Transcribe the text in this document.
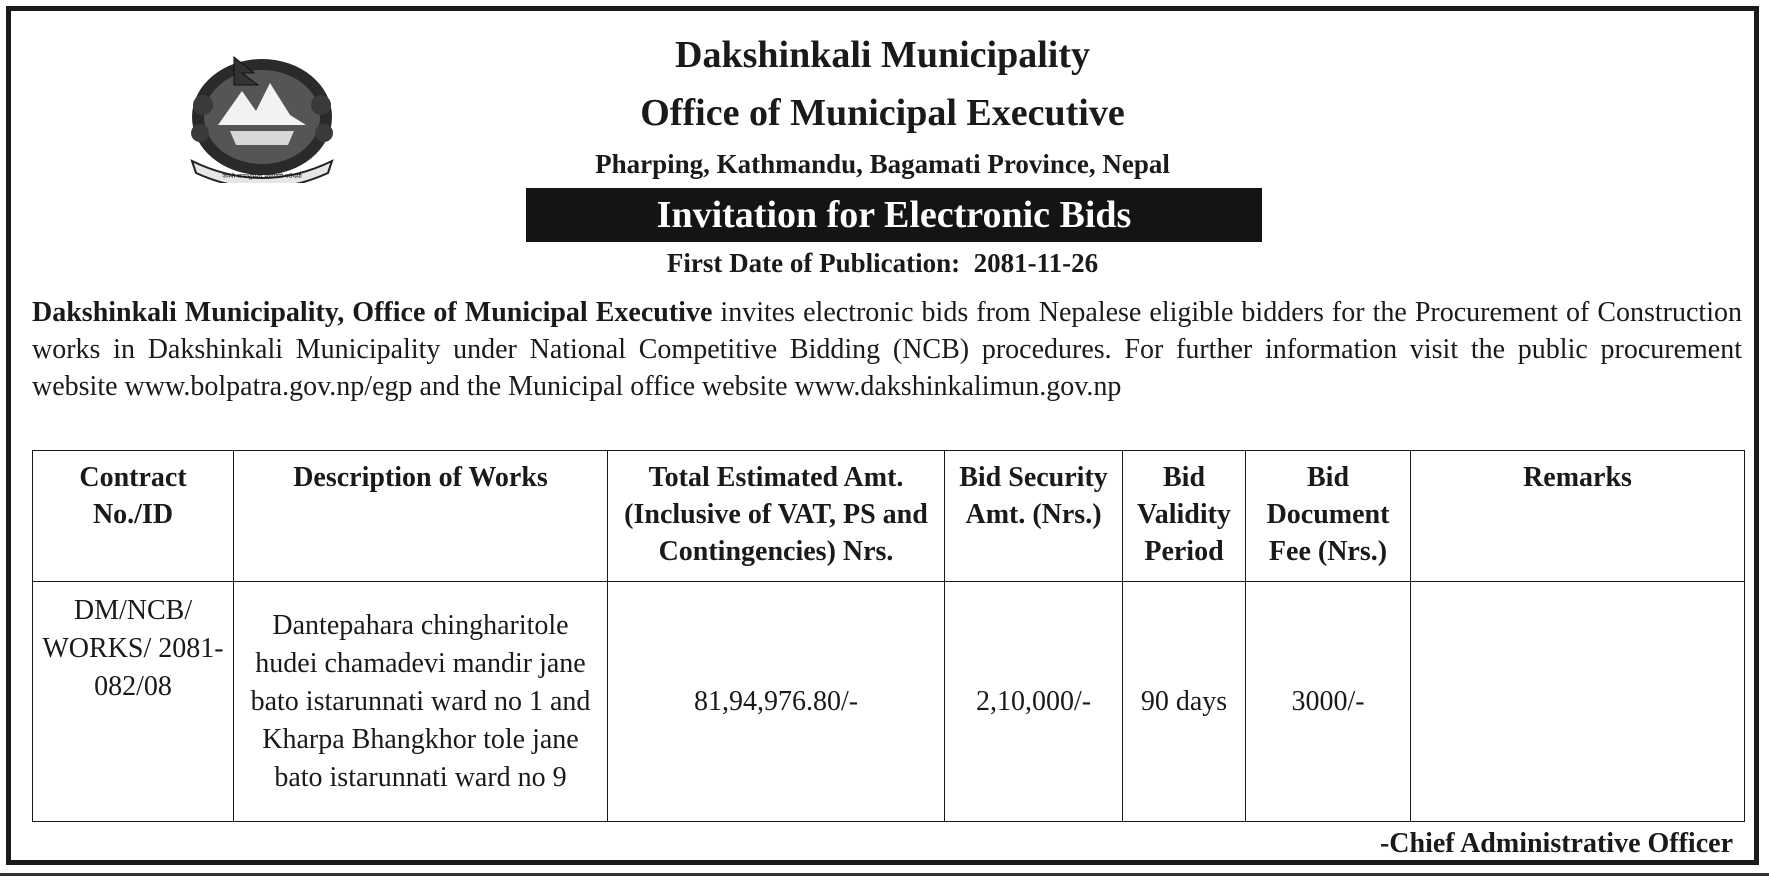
जननी जन्मभूमिश्च स्वर्गादपि गरीयसी
Dakshinkali Municipality
Office of Municipal Executive
Pharping, Kathmandu, Bagamati Province, Nepal
Invitation for Electronic Bids
First Date of Publication: 2081-11-26

Dakshinkali Municipality, Office of Municipal Executive invites electronic bids from Nepalese eligible bidders for the Procurement of Construction works in Dakshinkali Municipality under National Competitive Bidding (NCB) procedures. For further information visit the public procurement website www.bolpatra.gov.np/egp and the Municipal office website www.dakshinkalimun.gov.np

Contract No./ID	Description of Works	Total Estimated Amt. (Inclusive of VAT, PS and Contingencies) Nrs.	Bid Security Amt. (Nrs.)	Bid Validity Period	Bid Document Fee (Nrs.)	Remarks
DM/NCB/ WORKS/ 2081-082/08	Dantepahara chingharitole hudei chamadevi mandir jane bato istarunnati ward no 1 and Kharpa Bhangkhor tole jane bato istarunnati ward no 9	81,94,976.80/-	2,10,000/-	90 days	3000/-	
-Chief Administrative Officer
